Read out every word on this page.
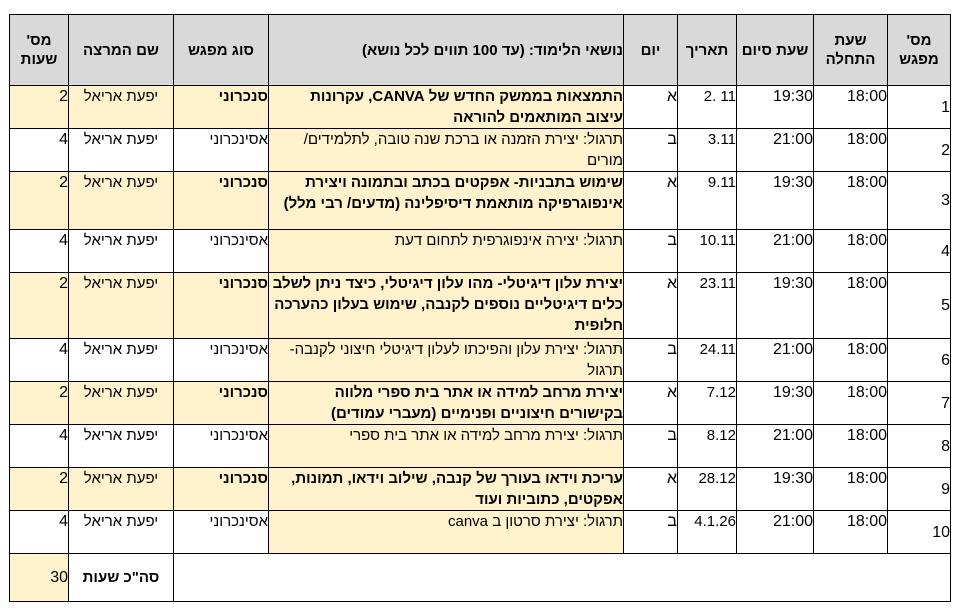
מס' שעות	שם המרצה	סוג מפגש	נושאי הלימוד: (עד 100 תווים לכל נושא)	יום	תאריך	שעת סיום	שעת התחלה	מס' מפגש
2	יפעת אריאל	סנכרוני	התמצאות בממשק החדש של CANVA, עקרונות עיצוב המותאמים להוראה	א	2. 11	19:30	18:00	1
4	יפעת אריאל	אסינכרוני	תרגול: יצירת הזמנה או ברכת שנה טובה, לתלמידים/ מורים	ב	3.11	21:00	18:00	2
2	יפעת אריאל	סנכרוני	שימוש בתבניות- אפקטים בכתב ובתמונה ויצירת אינפוגרפיקה מותאמת דיסיפלינה (מדעים/ רבי מלל)	א	9.11	19:30	18:00	3
4	יפעת אריאל	אסינכרוני	תרגול: יצירה אינפוגרפית לתחום דעת	ב	10.11	21:00	18:00	4
2	יפעת אריאל	סנכרוני	יצירת עלון דיגיטלי- מהו עלון דיגיטלי, כיצד ניתן לשלב כלים דיגיטליים נוספים לקנבה, שימוש בעלון כהערכה חלופית	א	23.11	19:30	18:00	5
4	יפעת אריאל	אסינכרוני	תרגול: יצירת עלון והפיכתו לעלון דיגיטלי חיצוני לקנבה- תרגול	ב	24.11	21:00	18:00	6
2	יפעת אריאל	סנכרוני	יצירת מרחב למידה או אתר בית ספרי מלווה בקישורים חיצוניים ופנימיים (מעברי עמודים)	א	7.12	19:30	18:00	7
4	יפעת אריאל	אסינכרוני	תרגול: יצירת מרחב למידה או אתר בית ספרי	ב	8.12	21:00	18:00	8
2	יפעת אריאל	סנכרוני	עריכת וידאו בעורך של קנבה, שילוב וידאו, תמונות, אפקטים, כתוביות ועוד	א	28.12	19:30	18:00	9
4	יפעת אריאל	אסינכרוני	תרגול: יצירת סרטון ב canva	ב	4.1.26	21:00	18:00	10
30	סה"כ שעות							
